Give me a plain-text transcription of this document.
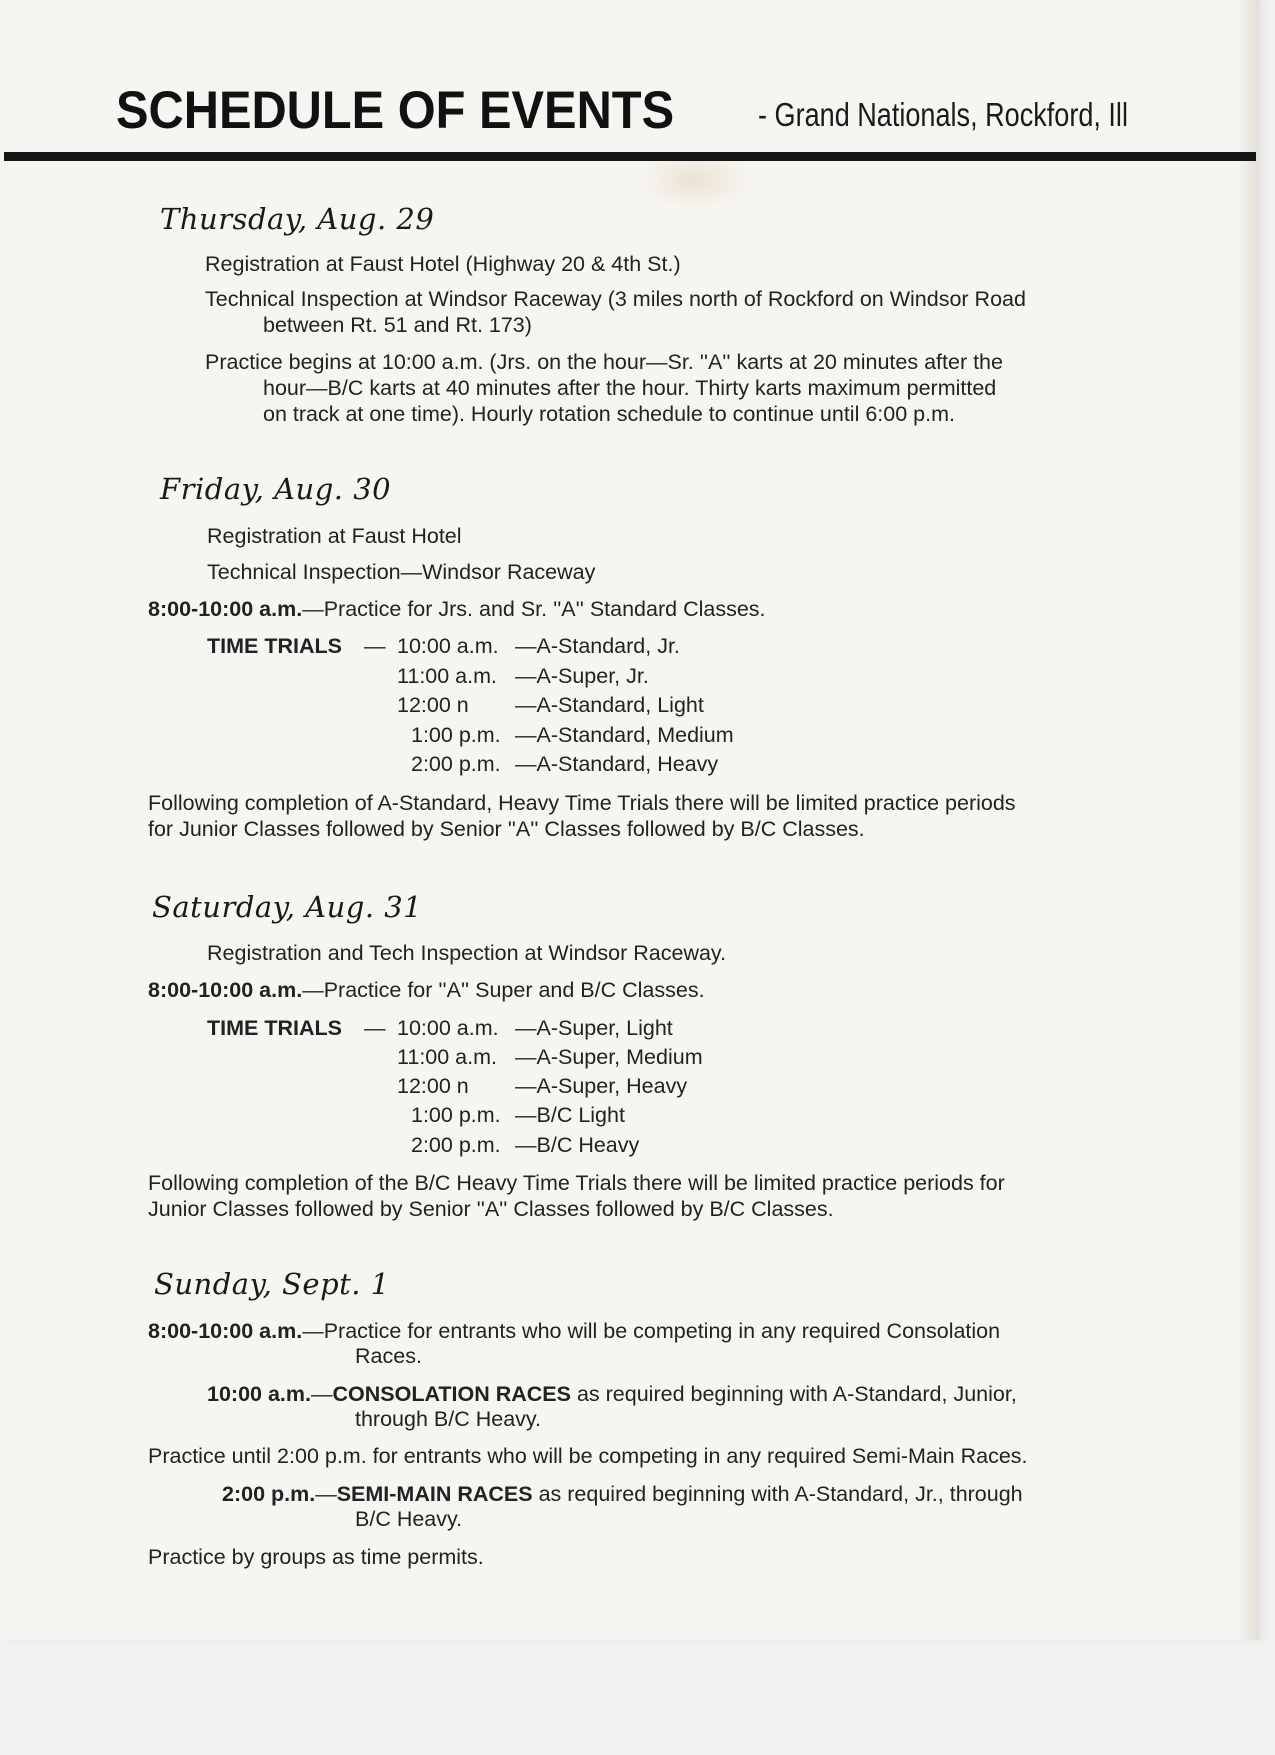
SCHEDULE OF EVENTS	- Grand Nationals, Rockford, Ill
Thursday, Aug. 29
Registration at Faust Hotel (Highway 20 & 4th St.)
Technical Inspection at Windsor Raceway (3 miles north of Rockford on Windsor Road
between Rt. 51 and Rt. 173)
Practice begins at 10:00 a.m. (Jrs. on the hour—Sr. ''A'' karts at 20 minutes after the
hour—B/C karts at 40 minutes after the hour. Thirty karts maximum permitted
on track at one time). Hourly rotation schedule to continue until 6:00 p.m.
Friday, Aug. 30
Registration at Faust Hotel
Technical Inspection—Windsor Raceway
8:00-10:00 a.m.—Practice for Jrs. and Sr. ''A'' Standard Classes.
TIME TRIALS — 10:00 a.m. —A-Standard, Jr.
11:00 a.m. —A-Super, Jr.
12:00 n —A-Standard, Light
1:00 p.m. —A-Standard, Medium
2:00 p.m. —A-Standard, Heavy
Following completion of A-Standard, Heavy Time Trials there will be limited practice periods
for Junior Classes followed by Senior ''A'' Classes followed by B/C Classes.
Saturday, Aug. 31
Registration and Tech Inspection at Windsor Raceway.
8:00-10:00 a.m.—Practice for ''A'' Super and B/C Classes.
TIME TRIALS — 10:00 a.m. —A-Super, Light
11:00 a.m. —A-Super, Medium
12:00 n —A-Super, Heavy
1:00 p.m. —B/C Light
2:00 p.m. —B/C Heavy
Following completion of the B/C Heavy Time Trials there will be limited practice periods for
Junior Classes followed by Senior ''A'' Classes followed by B/C Classes.
Sunday, Sept. 1
8:00-10:00 a.m.—Practice for entrants who will be competing in any required Consolation
Races.
10:00 a.m.—CONSOLATION RACES as required beginning with A-Standard, Junior,
through B/C Heavy.
Practice until 2:00 p.m. for entrants who will be competing in any required Semi-Main Races.
2:00 p.m.—SEMI-MAIN RACES as required beginning with A-Standard, Jr., through
B/C Heavy.
Practice by groups as time permits.
